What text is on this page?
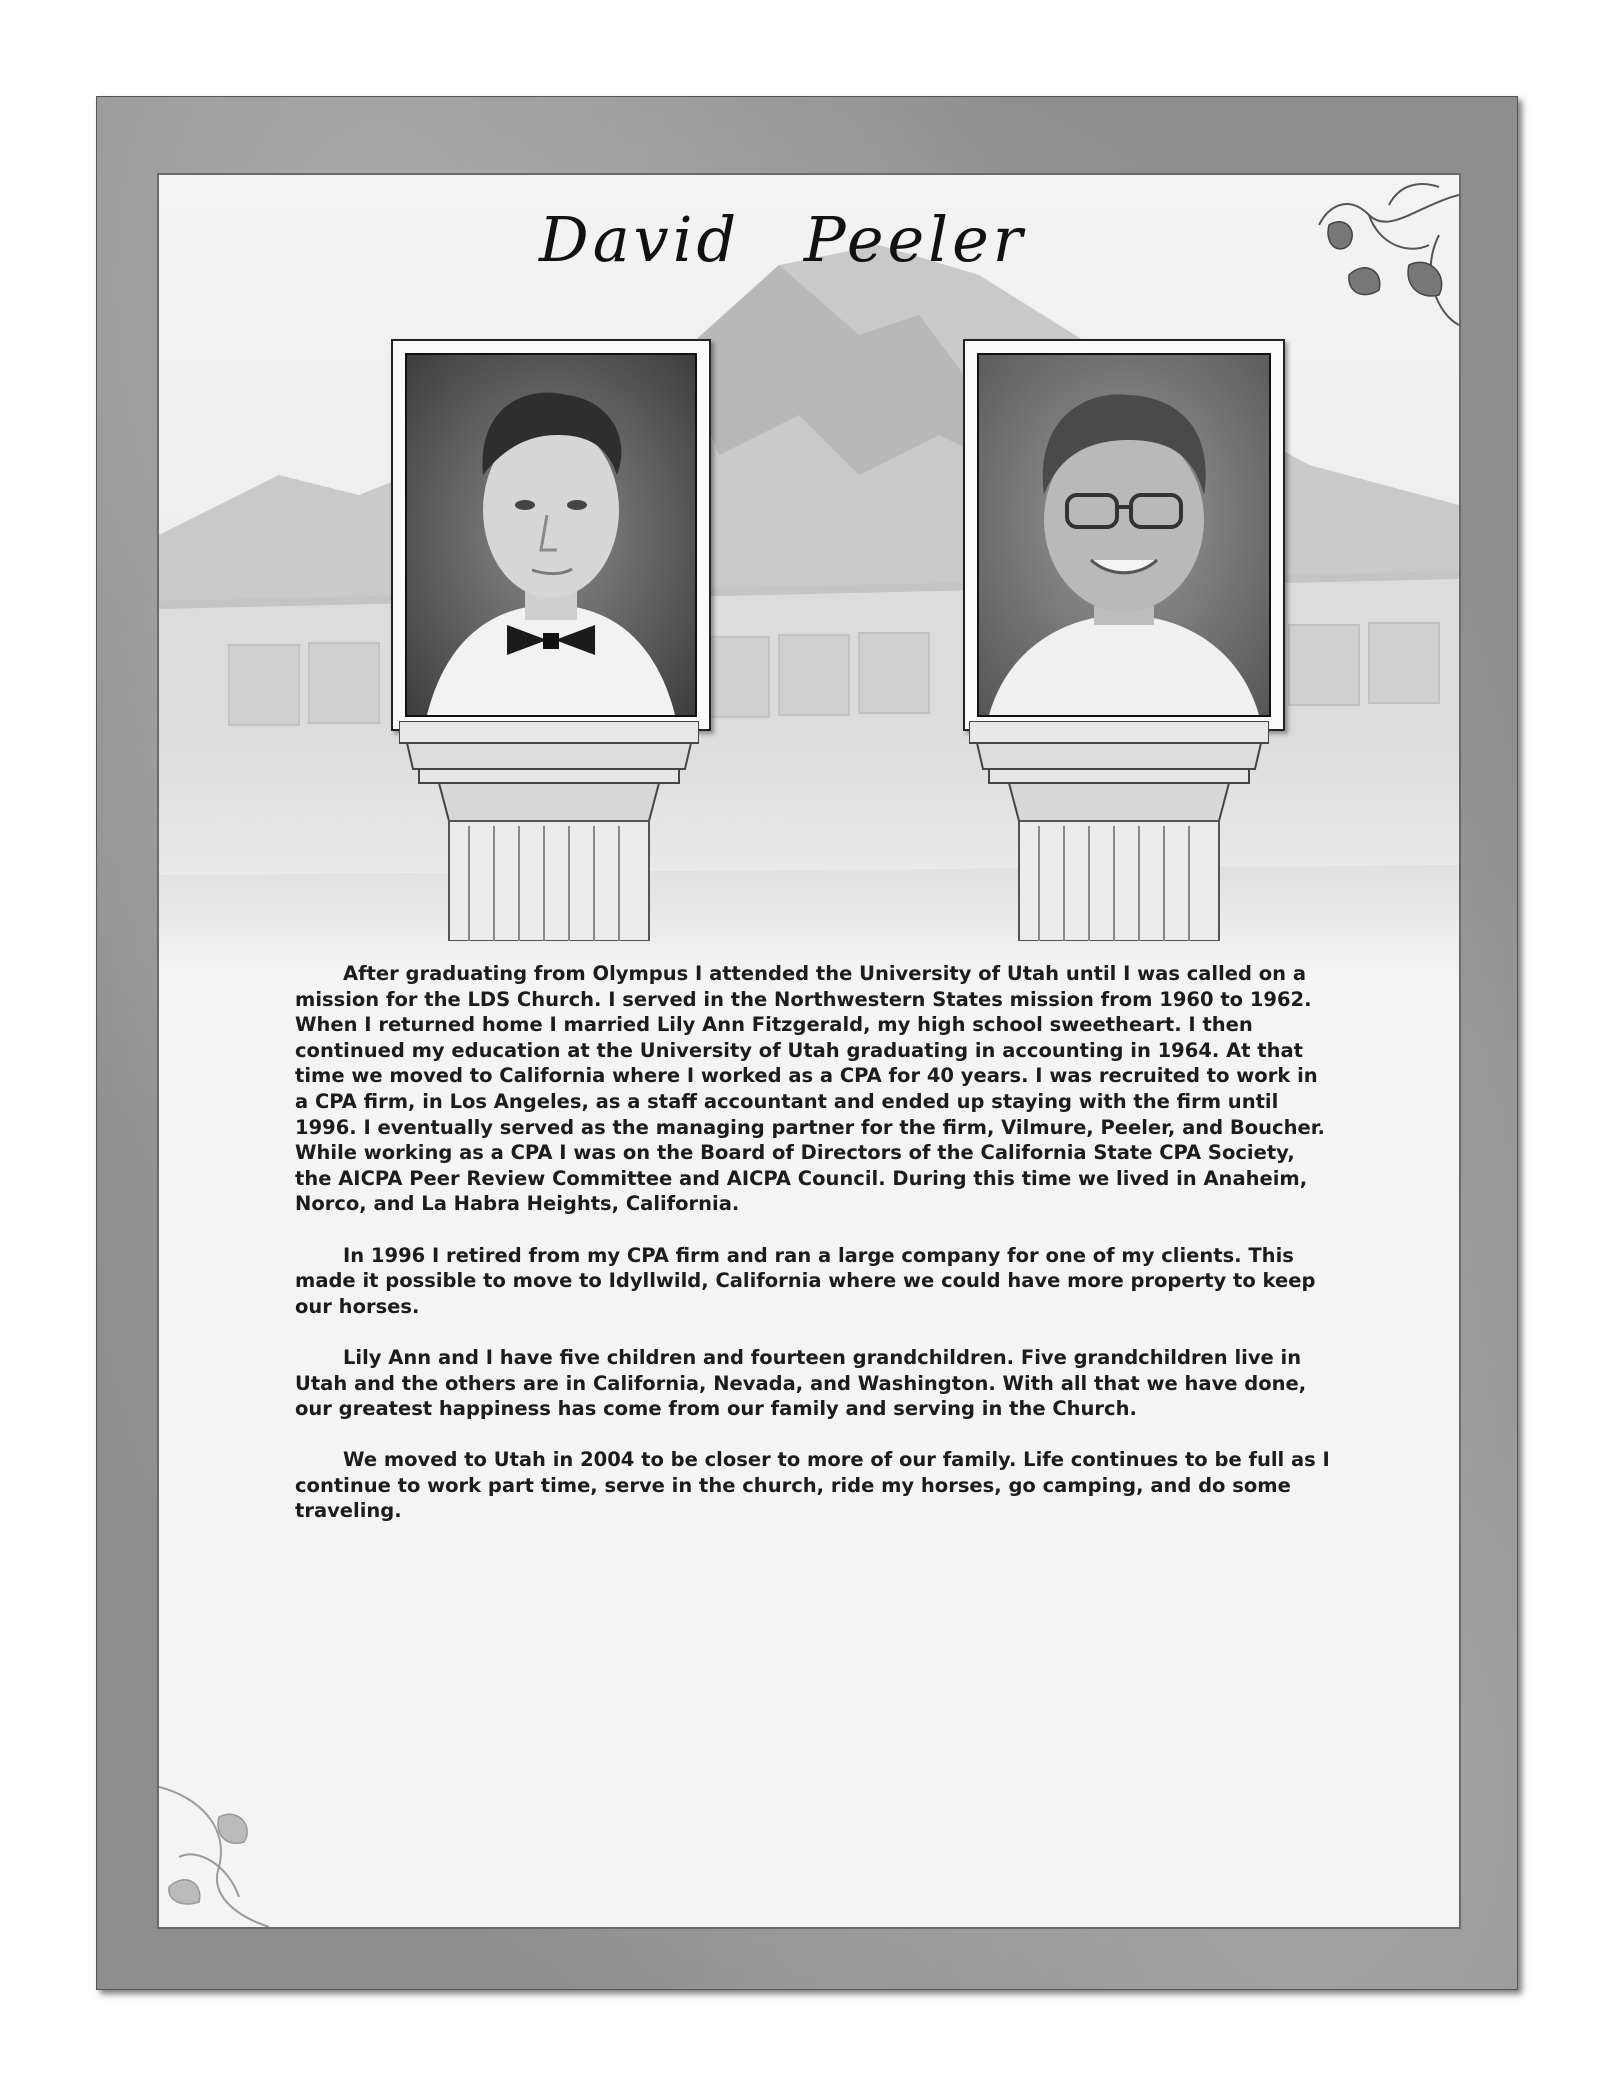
David Peeler

After graduating from Olympus I attended the University of Utah until I was called on a mission for the LDS Church. I served in the Northwestern States mission from 1960 to 1962. When I returned home I married Lily Ann Fitzgerald, my high school sweetheart. I then continued my education at the University of Utah graduating in accounting in 1964. At that time we moved to California where I worked as a CPA for 40 years. I was recruited to work in a CPA firm, in Los Angeles, as a staff accountant and ended up staying with the firm until 1996. I eventually served as the managing partner for the firm, Vilmure, Peeler, and Boucher. While working as a CPA I was on the Board of Directors of the California State CPA Society, the AICPA Peer Review Committee and AICPA Council. During this time we lived in Anaheim, Norco, and La Habra Heights, California.

In 1996 I retired from my CPA firm and ran a large company for one of my clients. This made it possible to move to Idyllwild, California where we could have more property to keep our horses.

Lily Ann and I have five children and fourteen grandchildren. Five grandchildren live in Utah and the others are in California, Nevada, and Washington. With all that we have done, our greatest happiness has come from our family and serving in the Church.

We moved to Utah in 2004 to be closer to more of our family. Life continues to be full as I continue to work part time, serve in the church, ride my horses, go camping, and do some traveling.
